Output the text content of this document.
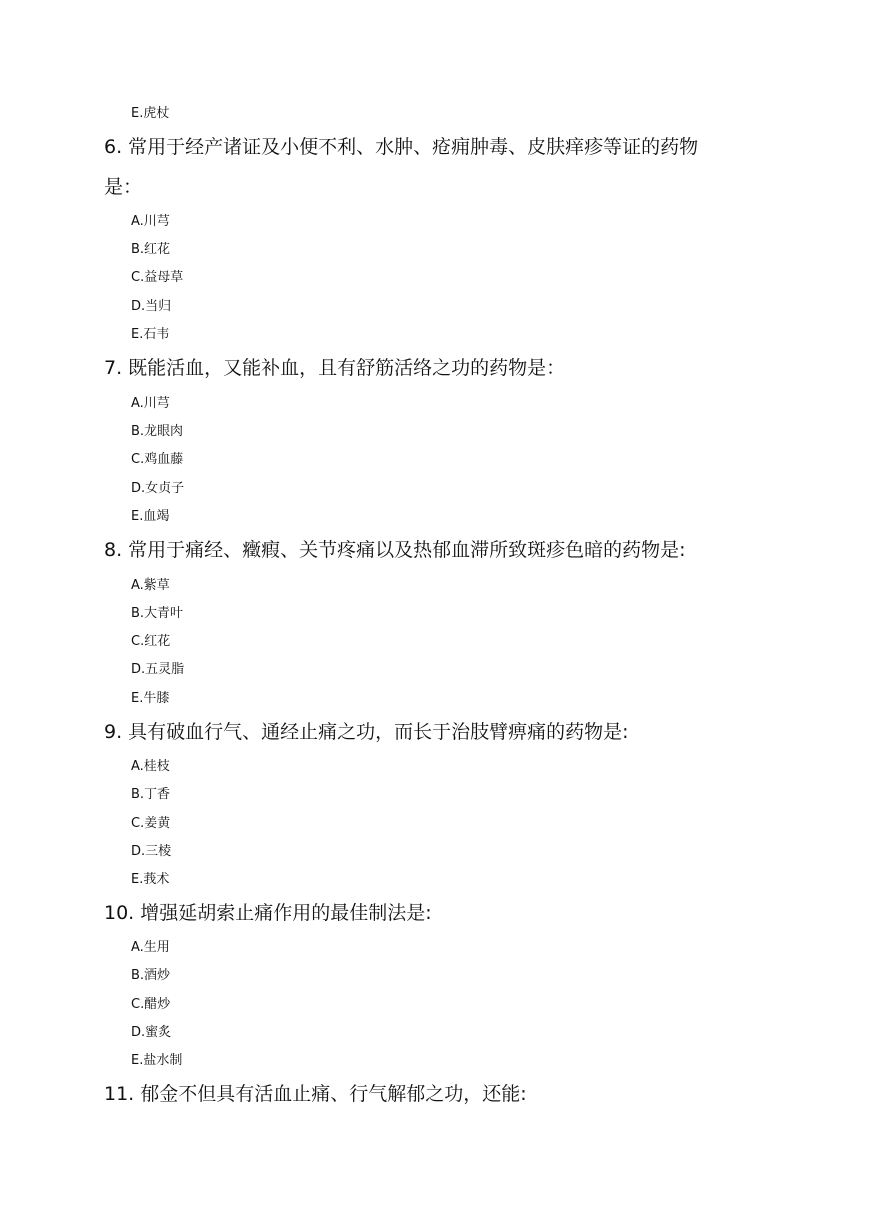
E.虎杖
6. 常用于经产诸证及小便不利、水肿、疮痈肿毒、皮肤痒疹等证的药物
是：
A.川芎
B.红花
C.益母草
D.当归
E.石韦
7. 既能活血，又能补血，且有舒筋活络之功的药物是：
A.川芎
B.龙眼肉
C.鸡血藤
D.女贞子
E.血竭
8. 常用于痛经、癥瘕、关节疼痛以及热郁血滞所致斑疹色暗的药物是:
A.紫草
B.大青叶
C.红花
D.五灵脂
E.牛膝
9. 具有破血行气、通经止痛之功，而长于治肢臂痹痛的药物是:
A.桂枝
B.丁香
C.姜黄
D.三棱
E.莪术
10. 增强延胡索止痛作用的最佳制法是:
A.生用
B.酒炒
C.醋炒
D.蜜炙
E.盐水制
11. 郁金不但具有活血止痛、行气解郁之功，还能:
